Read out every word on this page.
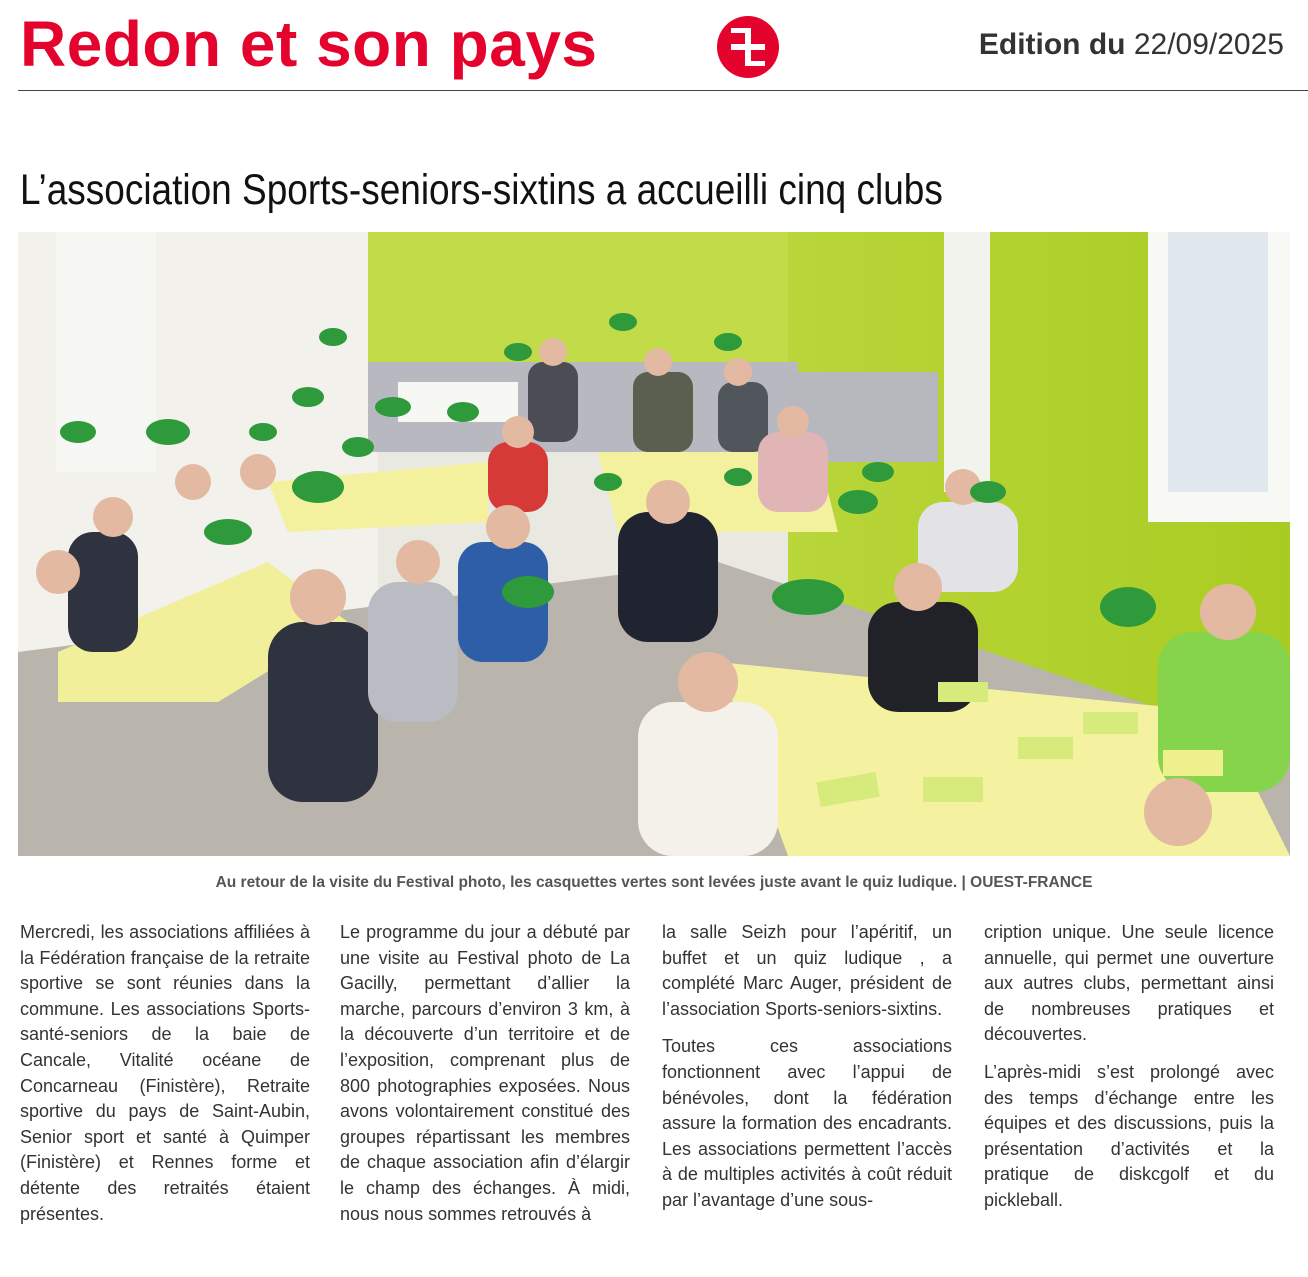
Redon et son pays	Edition du 22/09/2025
L’association Sports-seniors-sixtins a accueilli cinq clubs
Au retour de la visite du Festival photo, les casquettes vertes sont levées juste avant le quiz ludique. | OUEST-FRANCE

Mercredi, les associations affiliées à la Fédération française de la retraite sportive se sont réunies dans la commune. Les associations Sports-santé-seniors de la baie de Cancale, Vitalité océane de Concarneau (Finistère), Retraite sportive du pays de Saint-Aubin, Senior sport et santé à Quimper (Finistère) et Rennes forme et détente des retraités étaient présentes.

Le programme du jour a débuté par une visite au Festival photo de La Gacilly, permettant d’allier la marche, parcours d’environ 3 km, à la découverte d’un territoire et de l’exposition, comprenant plus de 800 photographies exposées. Nous avons volontairement constitué des groupes répartissant les membres de chaque association afin d’élargir le champ des échanges. À midi, nous nous sommes retrouvés à

la salle Seizh pour l’apéritif, un buffet et un quiz ludique , a complété Marc Auger, président de l’association Sports-seniors-sixtins.

Toutes ces associations fonctionnent avec l’appui de bénévoles, dont la fédération assure la formation des encadrants. Les associations permettent l’accès à de multiples activités à coût réduit par l’avantage d’une sous-

cription unique. Une seule licence annuelle, qui permet une ouverture aux autres clubs, permettant ainsi de nombreuses pratiques et découvertes.

L’après-midi s’est prolongé avec des temps d’échange entre les équipes et des discussions, puis la présentation d’activités et la pratique de diskcgolf et du pickleball.
